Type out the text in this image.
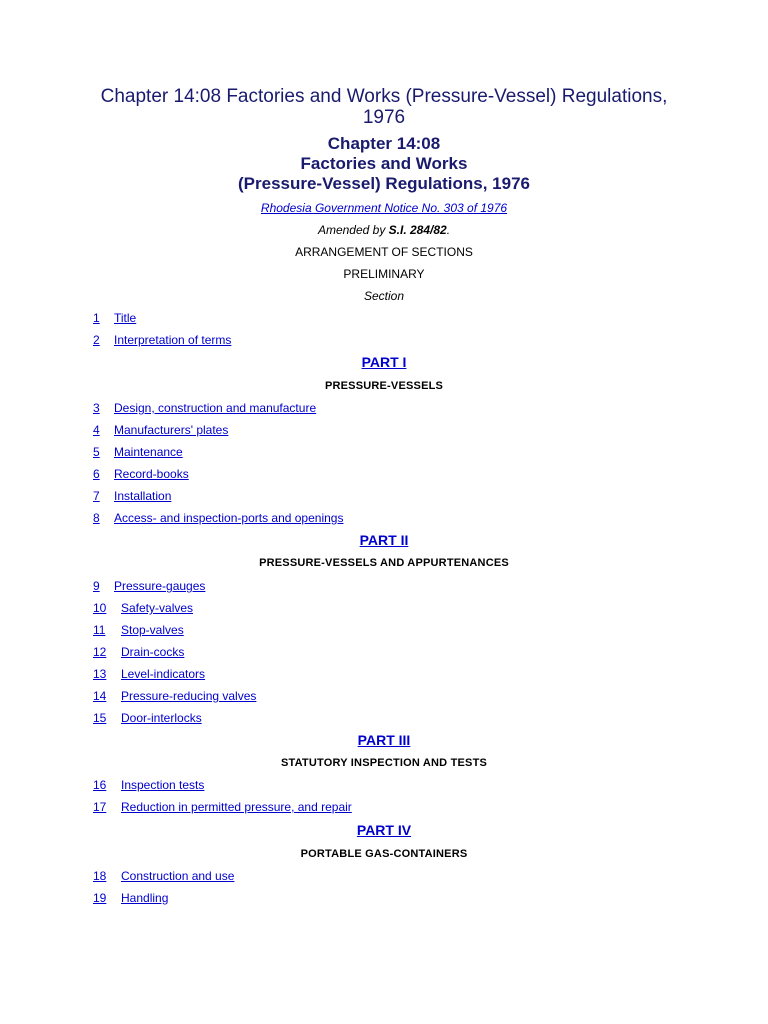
Chapter 14:08 Factories and Works (Pressure-Vessel) Regulations, 1976
Chapter 14:08
Factories and Works
(Pressure-Vessel) Regulations, 1976
Rhodesia Government Notice No. 303 of 1976
Amended by S.I. 284/82.
ARRANGEMENT OF SECTIONS
PRELIMINARY
Section
1 Title
2 Interpretation of terms
PART I
PRESSURE-VESSELS
3 Design, construction and manufacture
4 Manufacturers' plates
5 Maintenance
6 Record-books
7 Installation
8 Access- and inspection-ports and openings
PART II
PRESSURE-VESSELS AND APPURTENANCES
9 Pressure-gauges
10 Safety-valves
11 Stop-valves
12 Drain-cocks
13 Level-indicators
14 Pressure-reducing valves
15 Door-interlocks
PART III
STATUTORY INSPECTION AND TESTS
16 Inspection tests
17 Reduction in permitted pressure, and repair
PART IV
PORTABLE GAS-CONTAINERS
18 Construction and use
19 Handling
